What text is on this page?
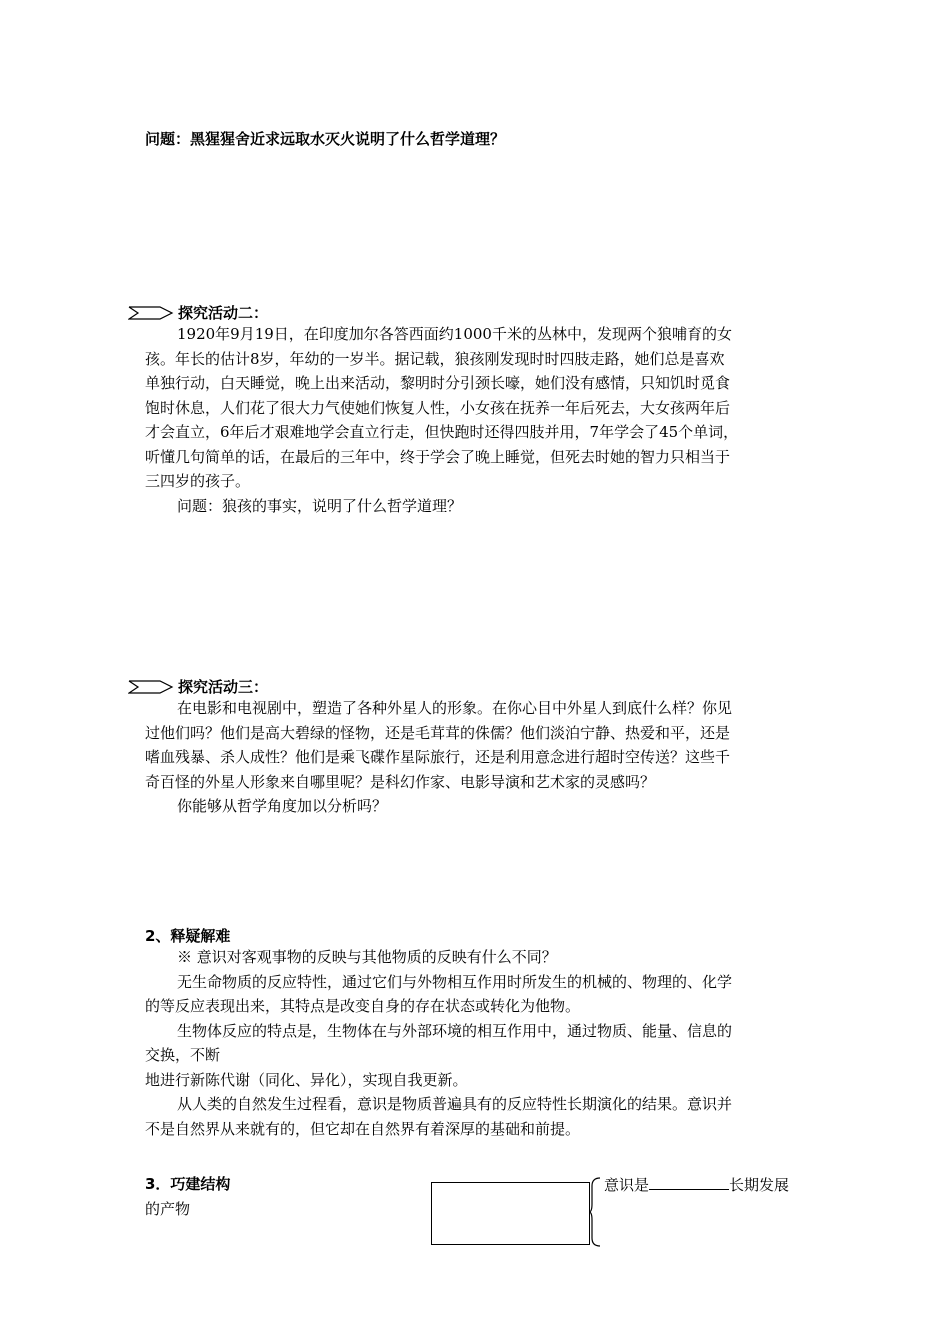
问题：黑猩猩舍近求远取水灭火说明了什么哲学道理？
探究活动二：
1920年9月19日，在印度加尔各答西面约1000千米的丛林中，发现两个狼哺育的女
孩。年长的估计8岁，年幼的一岁半。据记载，狼孩刚发现时时四肢走路，她们总是喜欢
单独行动，白天睡觉，晚上出来活动，黎明时分引颈长嚎，她们没有感情，只知饥时觅食
饱时休息，人们花了很大力气使她们恢复人性，小女孩在抚养一年后死去，大女孩两年后
才会直立，6年后才艰难地学会直立行走，但快跑时还得四肢并用，7年学会了45个单词，
听懂几句简单的话，在最后的三年中，终于学会了晚上睡觉，但死去时她的智力只相当于
三四岁的孩子。
问题：狼孩的事实，说明了什么哲学道理？
探究活动三：
在电影和电视剧中，塑造了各种外星人的形象。在你心目中外星人到底什么样？你见
过他们吗？他们是高大碧绿的怪物，还是毛茸茸的侏儒？他们淡泊宁静、热爱和平，还是
嗜血残暴、杀人成性？他们是乘飞碟作星际旅行，还是利用意念进行超时空传送？这些千
奇百怪的外星人形象来自哪里呢？是科幻作家、电影导演和艺术家的灵感吗？
你能够从哲学角度加以分析吗？
2、释疑解难
※ 意识对客观事物的反映与其他物质的反映有什么不同？
无生命物质的反应特性，通过它们与外物相互作用时所发生的机械的、物理的、化学
的等反应表现出来，其特点是改变自身的存在状态或转化为他物。
生物体反应的特点是，生物体在与外部环境的相互作用中，通过物质、能量、信息的
交换，不断
地进行新陈代谢（同化、异化），实现自我更新。
从人类的自然发生过程看，意识是物质普遍具有的反应特性长期演化的结果。意识并
不是自然界从来就有的，但它却在自然界有着深厚的基础和前提。
3．巧建结构
的产物
意识是	长期发展
